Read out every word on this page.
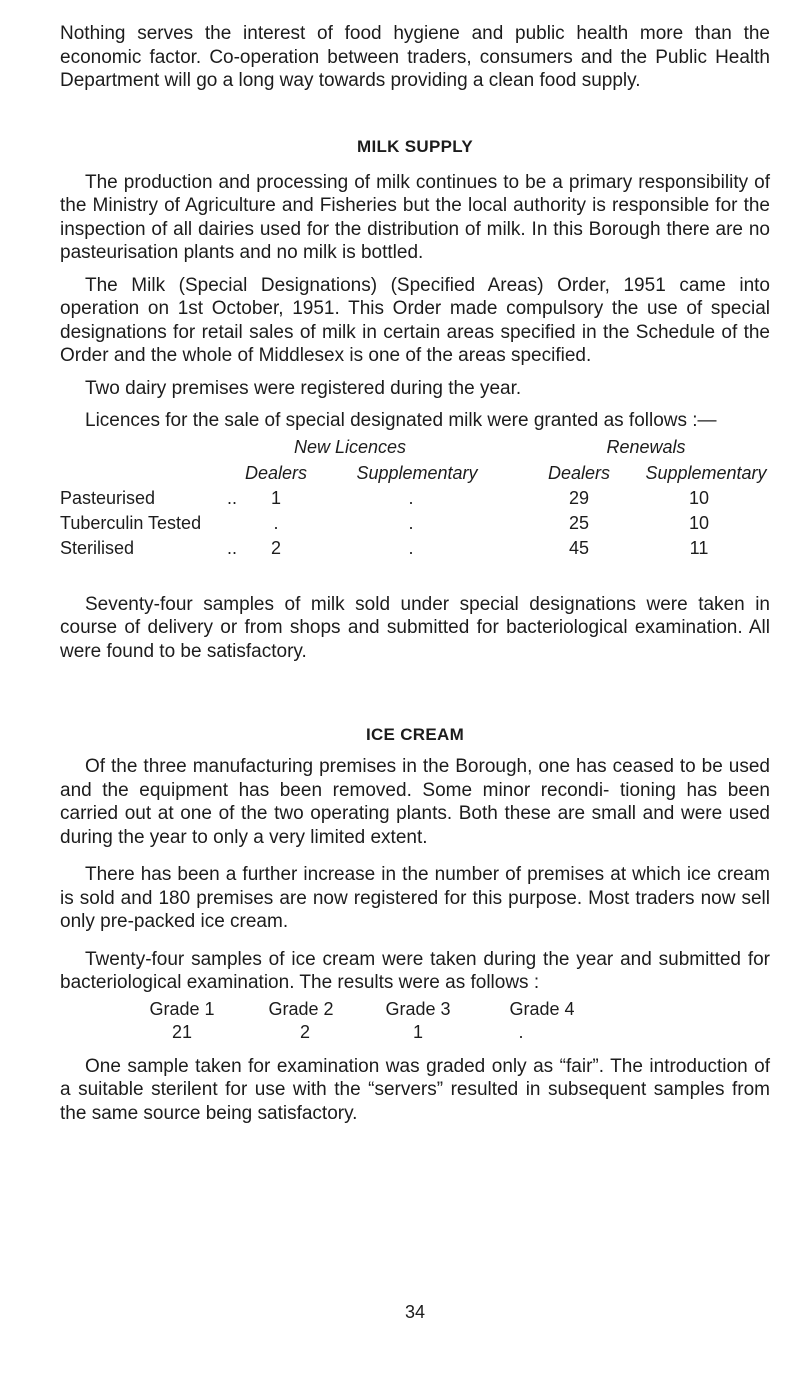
Nothing serves the interest of food hygiene and public health more than the economic factor. Co-operation between traders, consumers and the Public Health Department will go a long way towards providing a clean food supply.

MILK SUPPLY

The production and processing of milk continues to be a primary responsibility of the Ministry of Agriculture and Fisheries but the local authority is responsible for the inspection of all dairies used for the distribution of milk. In this Borough there are no pasteurisation plants and no milk is bottled.

The Milk (Special Designations) (Specified Areas) Order, 1951 came into operation on 1st October, 1951. This Order made compulsory the use of special designations for retail sales of milk in certain areas specified in the Schedule of the Order and the whole of Middlesex is one of the areas specified.

Two dairy premises were registered during the year.

Licences for the sale of special designated milk were granted as follows :—

New Licences	Renewals
Dealers	Supplementary	Dealers Supplementary
Pasteurised	.. 1	.	29	10
Tuberculin Tested	.	.	25	10
Sterilised	.. 2	.	45	11

Seventy-four samples of milk sold under special designations were taken in course of delivery or from shops and submitted for bacteriological examination. All were found to be satisfactory.

ICE CREAM

Of the three manufacturing premises in the Borough, one has ceased to be used and the equipment has been removed. Some minor recondi- tioning has been carried out at one of the two operating plants. Both these are small and were used during the year to only a very limited extent.

There has been a further increase in the number of premises at which ice cream is sold and 180 premises are now registered for this purpose. Most traders now sell only pre-packed ice cream.

Twenty-four samples of ice cream were taken during the year and submitted for bacteriological examination. The results were as follows :

Grade 1	Grade 2	Grade 3	Grade 4
21	2	1	.

One sample taken for examination was graded only as “fair”. The introduction of a suitable sterilent for use with the “servers” resulted in subsequent samples from the same source being satisfactory.

34
